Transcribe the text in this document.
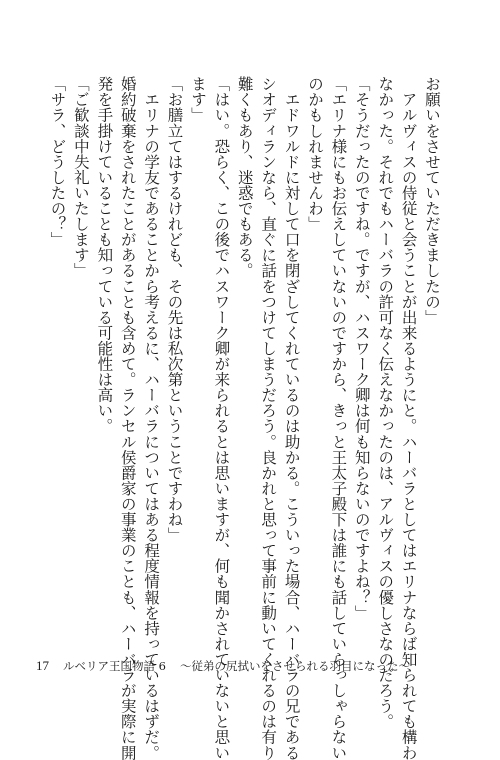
お願いをさせていただきましたの」
　アルヴィスの侍従と会うことが出来るようにと。ハーバラとしてはエリナならば知られても構わ
なかった。それでもハーバラの許可なく伝えなかったのは、アルヴィスの優しさなのだろう。
「そうだったのですね。ですが、ハスワーク卿は何も知らないのですよね？」
「エリナ様にもお伝えしていないのですから、きっと王太子殿下は誰にも話していらっしゃらない
のかもしれませんわ」
　エドワルドに対して口を閉ざしてくれているのは助かる。こういった場合、ハーバラの兄である
シオディランなら、直ぐに話をつけてしまうだろう。良かれと思って事前に動いてくれるのは有り
難くもあり、迷惑でもある。
「はい。恐らく、この後でハスワーク卿が来られるとは思いますが、何も聞かされていないと思い
ます」
「お膳立てはするけれども、その先は私次第ということですわね」
　エリナの学友であることから考えるに、ハーバラについてはある程度情報を持っているはずだ。
婚約破棄をされたことがあることも含めて。ランセル侯爵家の事業のことも、ハーバラが実際に開
発を手掛けていることも知っている可能性は高い。
「ご歓談中失礼いたします」
「サラ、どうしたの？」
17 ルベリア王国物語 6 ～従弟の尻拭いをさせられる羽目になった～
